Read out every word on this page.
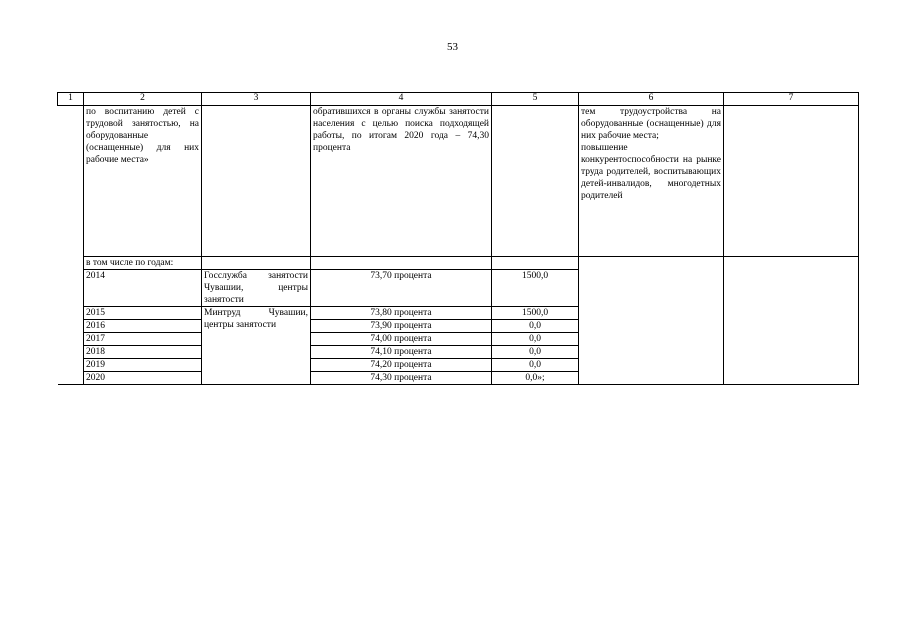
53
1	2	3	4	5	6	7
	по воспитанию детей с трудовой занятостью, на оборудованные (оснащенные) для них рабочие места»		обратившихся в органы службы занятости населения с целью поиска подходящей работы, по итогам 2020 года – 74,30 процента		тем трудоустройства на оборудованные (оснащенные) для них рабочие места;
повышение конкурентоспособности на рынке труда родителей, воспитывающих детей-инвалидов, многодетных родителей	

	в том числе по годам:					
	2014	Госслужба занятости Чувашии, центры занятости	73,70 процента	1500,0		
	2015	Минтруд Чувашии, центры занятости	73,80 процента	1500,0		
	2016		73,90 процента	0,0		
	2017		74,00 процента	0,0		
	2018		74,10 процента	0,0		
	2019		74,20 процента	0,0		
	2020		74,30 процента	0,0»;		
